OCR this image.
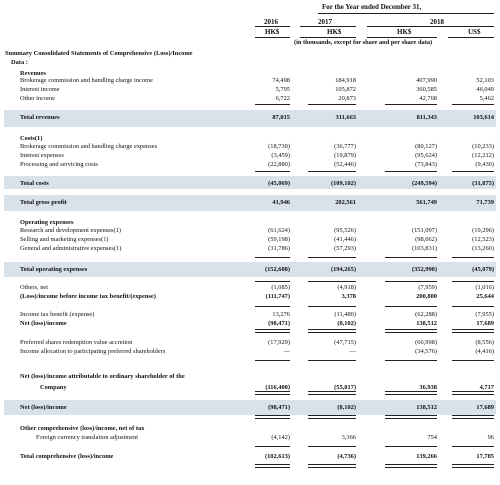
For the Year ended December 31,
2016	2017	2018
HK$	HK$	HK$	US$
(in thousands, except for share and per share data)
Summary Consolidated Statements of Comprehensive (Loss)/Income
Data :
Revenues
Costs(1)
Operating expenses
Other comprehensive (loss)/income, net of tax
Brokerage commission and handling charge income	74,498	184,918	407,990	52,103
Interest income	5,795	105,872	360,585	46,049
Other income	6,722	20,873	42,768	5,462
Total revenues	87,015	311,663	811,343	103,614
Brokerage commission and handling charge expenses	(18,730)	(36,777)	(80,127)	(10,233)
Interest expenses	(3,459)	(19,879)	(95,624)	(12,212)
Processing and servicing costs	(22,880)	(52,446)	(73,843)	(9,430)
Total costs	(45,069)	(109,102)	(249,594)	(31,875)
Total gross profit	41,946	202,561	561,749	71,739
Research and development expenses(1)	(61,624)	(95,526)	(151,097)	(19,296)
Selling and marketing expenses(1)	(59,198)	(41,446)	(98,062)	(12,523)
General and administrative expenses(1)	(31,786)	(57,293)	(103,831)	(13,260)
Total operating expenses	(152,608)	(194,265)	(352,990)	(45,079)
Others, net	(1,085)	(4,918)	(7,959)	(1,016)
(Loss)/income before income tax benefit/(expense)	(111,747)	3,378	200,800	25,644
Income tax benefit (expense)	13,276	(11,480)	(62,288)	(7,955)
Net (loss)/income	(98,471)	(8,102)	138,512	17,689
Preferred shares redemption value accretion	(17,929)	(47,715)	(66,998)	(8,556)
Income allocation to participating preferred shareholders	—	—	(34,576)	(4,416)
Net (loss)/income attributable to ordinary shareholder of the
Company	(116,400)	(55,817)	36,938	4,717
Net (loss)/income	(98,471)	(8,102)	138,512	17,689
Foreign currency translation adjustment	(4,142)	3,366	754	96
Total comprehensive (loss)/income	(102,613)	(4,736)	139,266	17,785
